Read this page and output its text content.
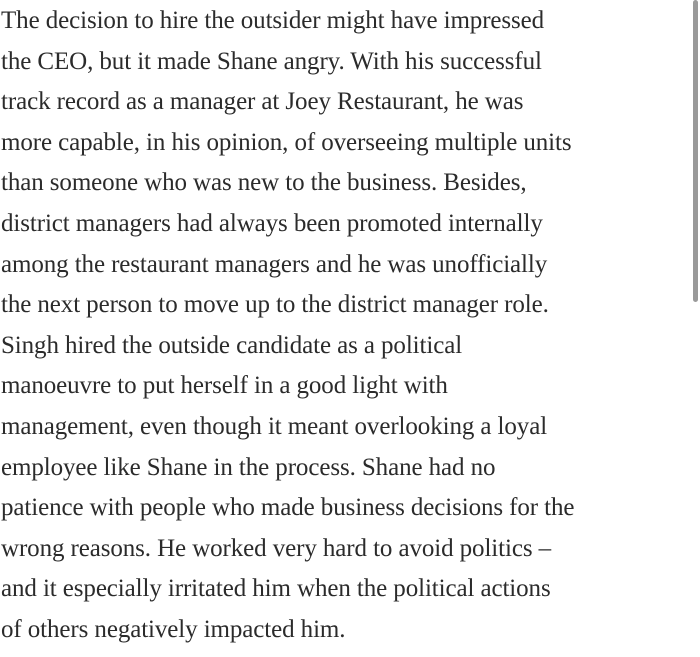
The decision to hire the outsider might have impressed
the CEO, but it made Shane angry. With his successful
track record as a manager at Joey Restaurant, he was
more capable, in his opinion, of overseeing multiple units
than someone who was new to the business. Besides,
district managers had always been promoted internally
among the restaurant managers and he was unofficially
the next person to move up to the district manager role.
Singh hired the outside candidate as a political
manoeuvre to put herself in a good light with
management, even though it meant overlooking a loyal
employee like Shane in the process. Shane had no
patience with people who made business decisions for the
wrong reasons. He worked very hard to avoid politics –
and it especially irritated him when the political actions
of others negatively impacted him.
